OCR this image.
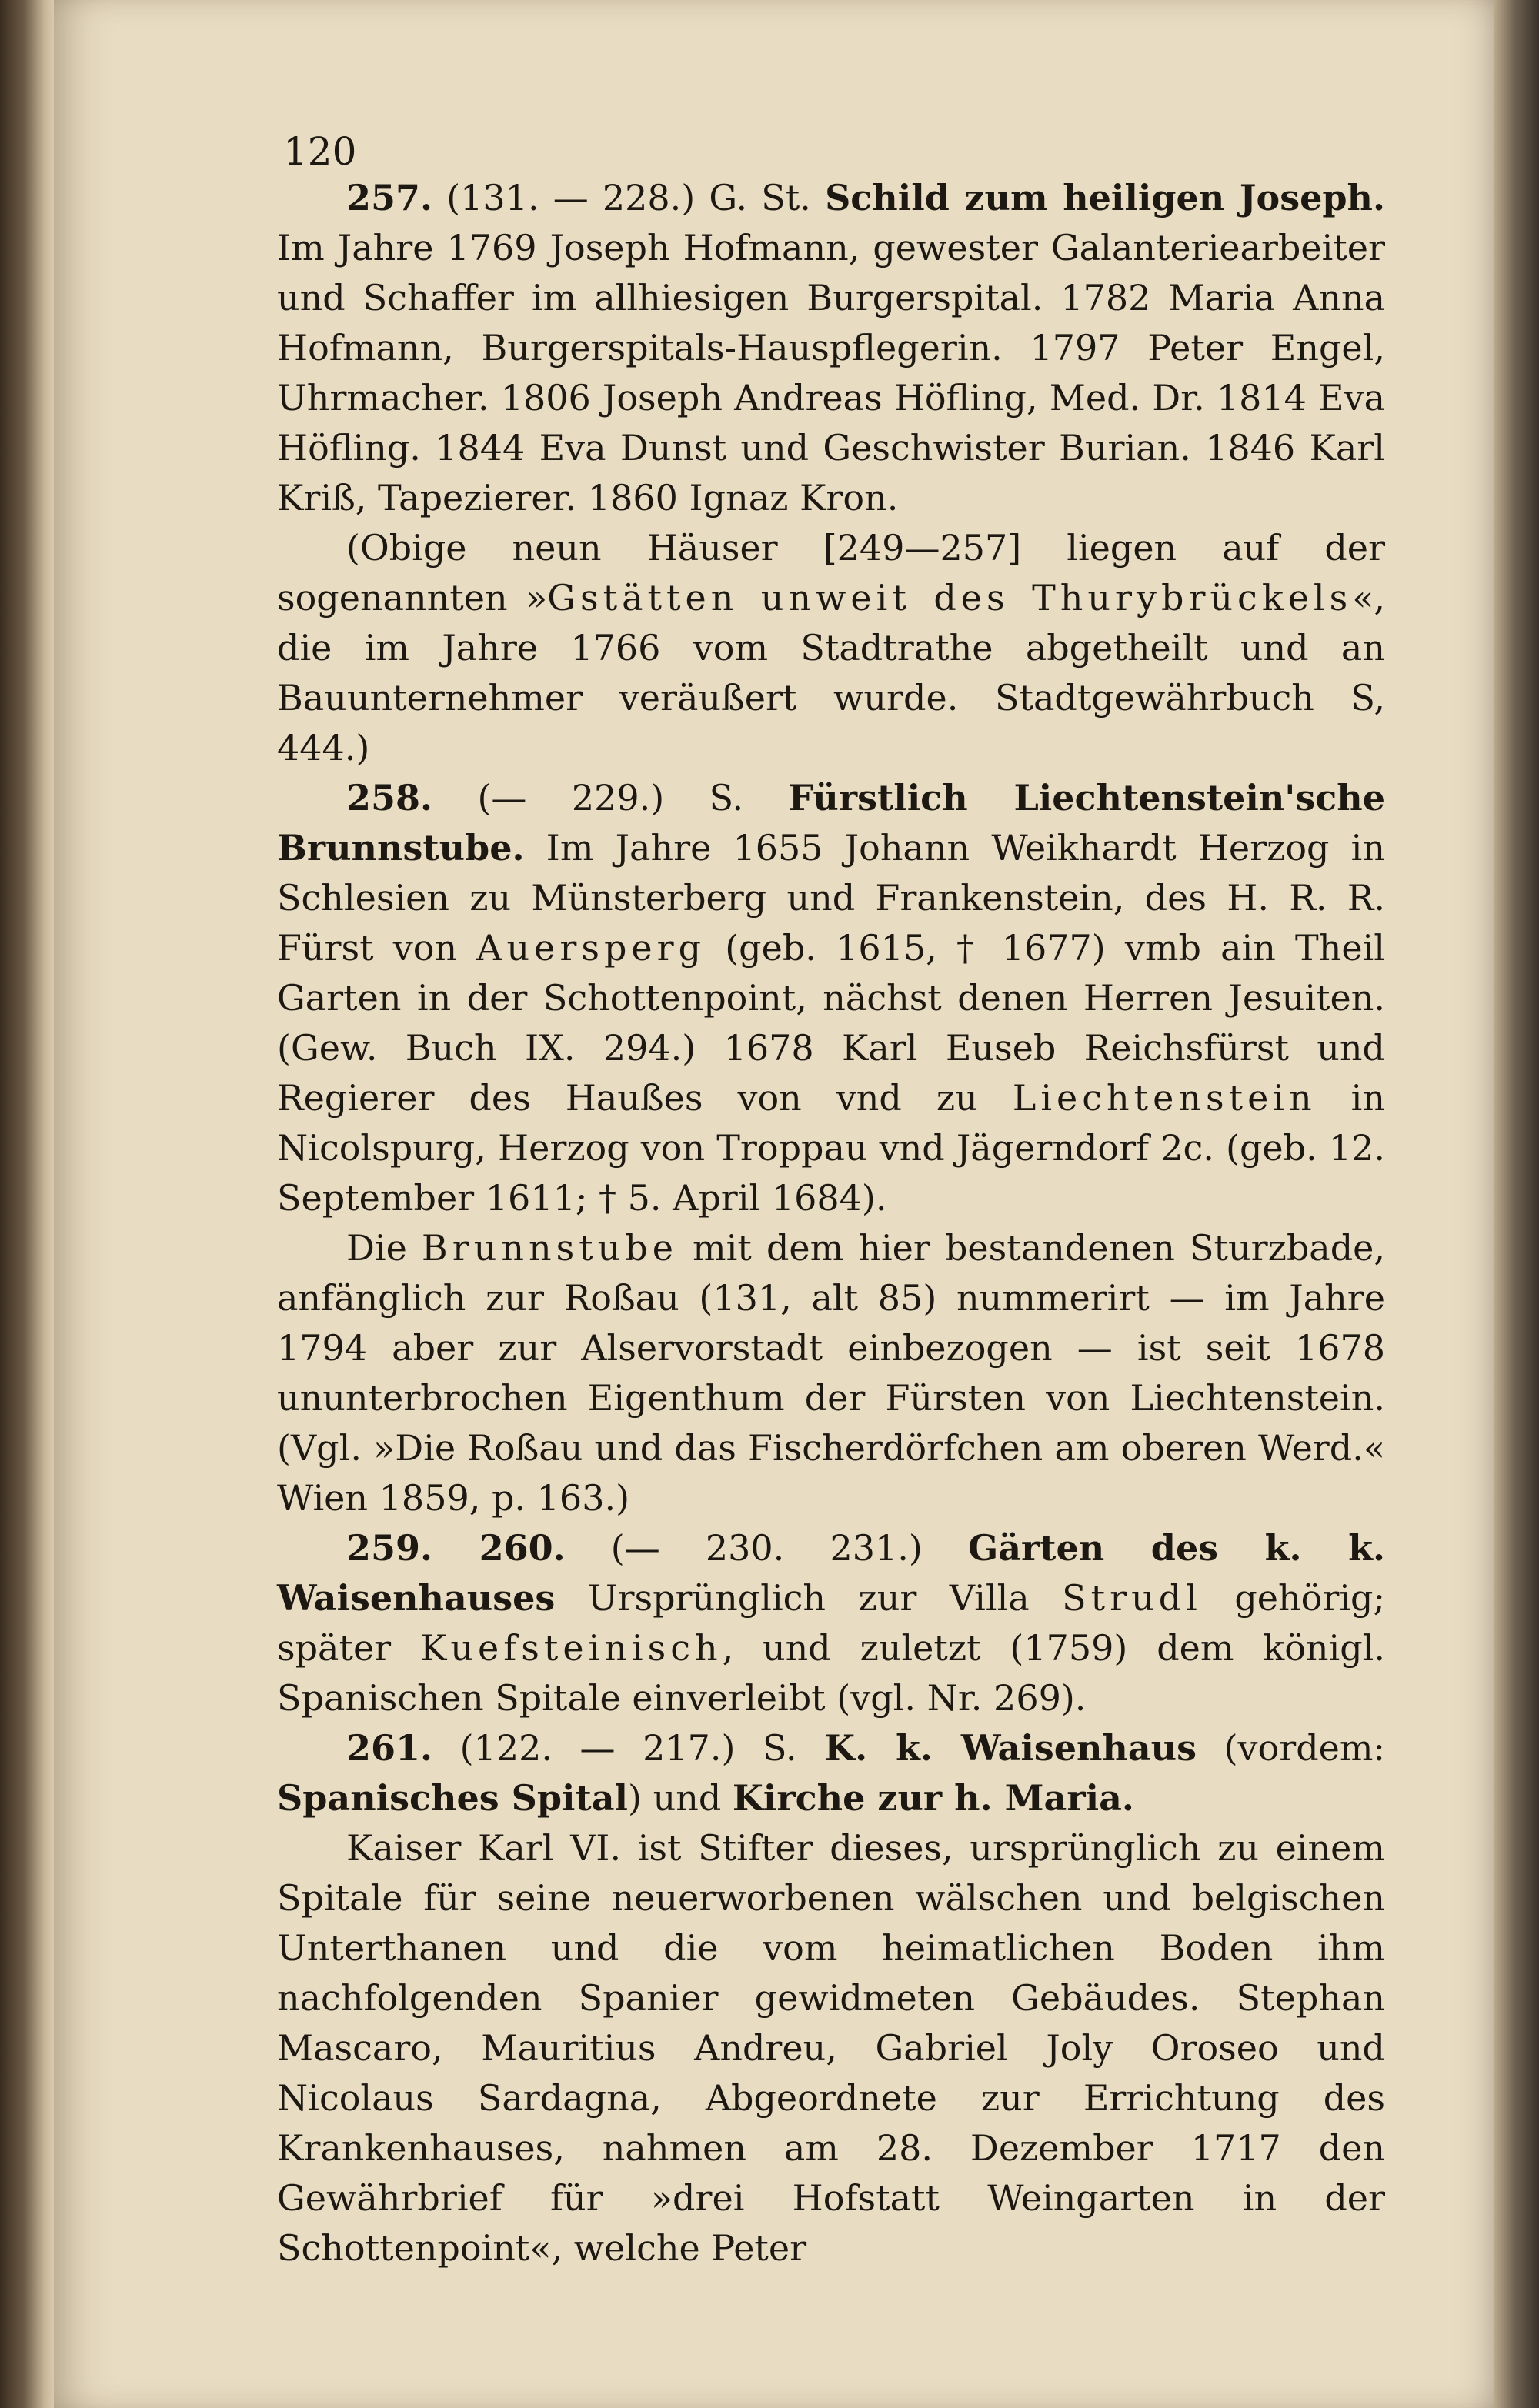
120

257. (131. — 228.) G. St. Schild zum heiligen Joseph. Im Jahre 1769 Joseph Hofmann, gewester Galanteriearbeiter und Schaffer im allhiesigen Burgerspital. 1782 Maria Anna Hofmann, Burgerspitals-Hauspflegerin. 1797 Peter Engel, Uhrmacher. 1806 Joseph Andreas Höfling, Med. Dr. 1814 Eva Höfling. 1844 Eva Dunst und Geschwister Burian. 1846 Karl Kriß, Tapezierer. 1860 Ignaz Kron.

(Obige neun Häuser [249—257] liegen auf der sogenannten »Gstätten unweit des Thurybrückels«, die im Jahre 1766 vom Stadtrathe abgetheilt und an Bauunternehmer veräußert wurde. Stadtgewährbuch S, 444.)

258. (— 229.) S. Fürstlich Liechtenstein'sche Brunnstube. Im Jahre 1655 Johann Weikhardt Herzog in Schlesien zu Münsterberg und Frankenstein, des H. R. R. Fürst von Auersperg (geb. 1615, † 1677) vmb ain Theil Garten in der Schottenpoint, nächst denen Herren Jesuiten. (Gew. Buch IX. 294.) 1678 Karl Euseb Reichsfürst und Regierer des Haußes von vnd zu Liechtenstein in Nicolspurg, Herzog von Troppau vnd Jägerndorf 2c. (geb. 12. September 1611; † 5. April 1684).

Die Brunnstube mit dem hier bestandenen Sturzbade, anfänglich zur Roßau (131, alt 85) nummerirt — im Jahre 1794 aber zur Alservorstadt einbezogen — ist seit 1678 ununterbrochen Eigenthum der Fürsten von Liechtenstein. (Vgl. »Die Roßau und das Fischerdörfchen am oberen Werd.« Wien 1859, p. 163.)

259. 260. (— 230. 231.) Gärten des k. k. Waisenhauses Ursprünglich zur Villa Strudl gehörig; später Kuefsteinisch, und zuletzt (1759) dem königl. Spanischen Spitale einverleibt (vgl. Nr. 269).

261. (122. — 217.) S. K. k. Waisenhaus (vordem: Spanisches Spital) und Kirche zur h. Maria.

Kaiser Karl VI. ist Stifter dieses, ursprünglich zu einem Spitale für seine neuerworbenen wälschen und belgischen Unterthanen und die vom heimatlichen Boden ihm nachfolgenden Spanier gewidmeten Gebäudes. Stephan Mascaro, Mauritius Andreu, Gabriel Joly Oroseo und Nicolaus Sardagna, Abgeordnete zur Errichtung des Krankenhauses, nahmen am 28. Dezember 1717 den Gewährbrief für »drei Hofstatt Weingarten in der Schottenpoint«, welche Peter
